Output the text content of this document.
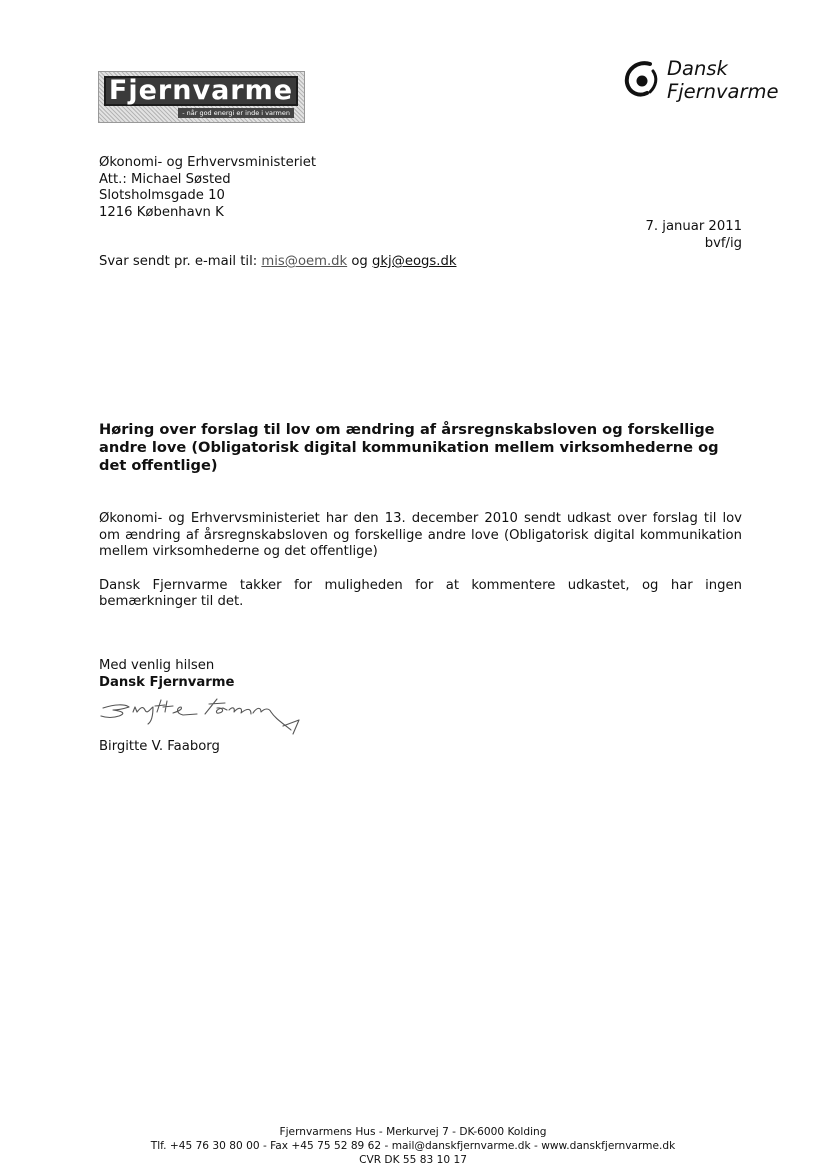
Fjernvarme
- når god energi er inde i varmen
Dansk
Fjernvarme
Økonomi- og Erhvervsministeriet
Att.: Michael Søsted
Slotsholmsgade 10
1216 København K
7. januar 2011
bvf/ig
Svar sendt pr. e-mail til: mis@oem.dk og gkj@eogs.dk
Høring over forslag til lov om ændring af årsregnskabsloven og forskellige andre love (Obligatorisk digital kommunikation mellem virksomhederne og det offentlige)

Økonomi- og Erhvervsministeriet har den 13. december 2010 sendt udkast over forslag til lov om ændring af årsregnskabsloven og forskellige andre love (Obligatorisk digital kommunikation mellem virksomhederne og det offentlige)

Dansk Fjernvarme takker for muligheden for at kommentere udkastet, og har ingen bemærkninger til det.

Med venlig hilsen
Dansk Fjernvarme
Birgitte V. Faaborg
Fjernvarmens Hus - Merkurvej 7 - DK-6000 Kolding
Tlf. +45 76 30 80 00 - Fax +45 75 52 89 62 - mail@danskfjernvarme.dk - www.danskfjernvarme.dk
CVR DK 55 83 10 17
